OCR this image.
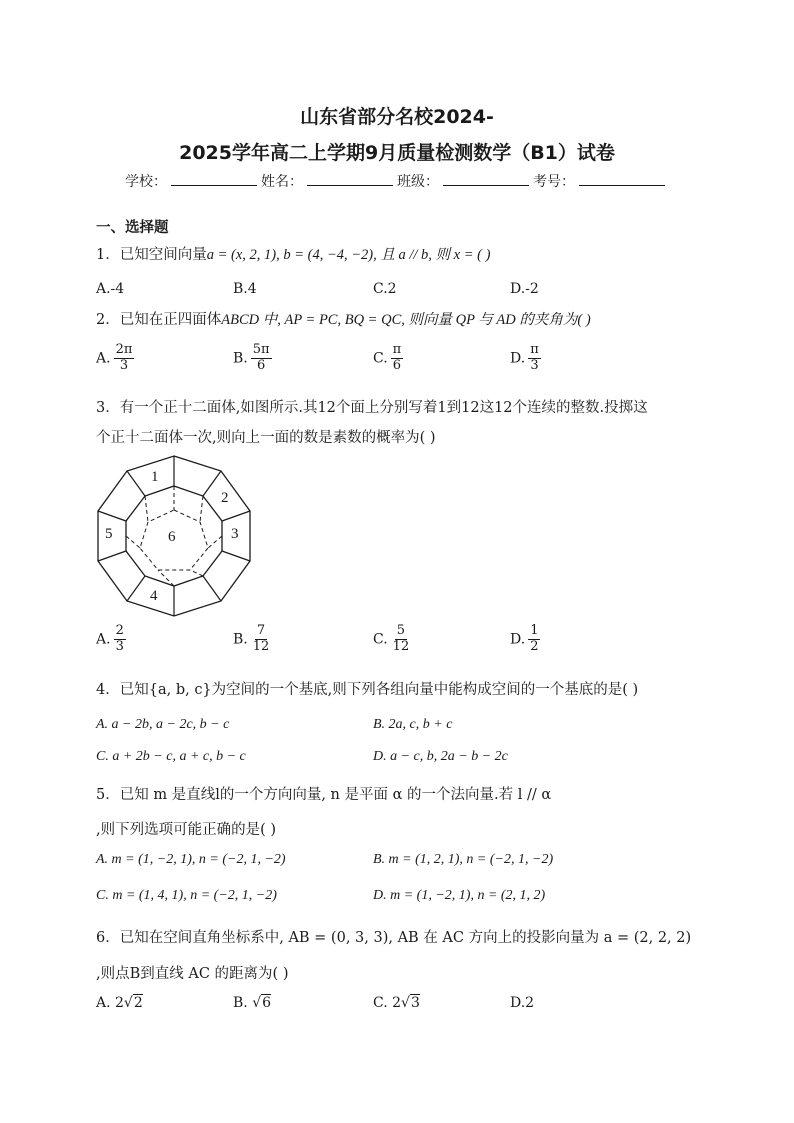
山东省部分名校2024-
2025学年高二上学期9月质量检测数学（B1）试卷
学校：	姓名：	班级：	考号：
一、选择题
1．已知空间向量a = (x, 2, 1), b = (4, −4, −2), 且 a // b, 则 x = ( )
A.-4	B.4	C.2	D.-2
2．已知在正四面体ABCD 中, AP = PC, BQ = QC, 则向量 QP 与 AD 的夹角为( )
A. $\frac{2\pi}{3}$	B. $\frac{5\pi}{6}$	C. $\frac{\pi}{6}$	D. $\frac{\pi}{3}$
3．有一个正十二面体,如图所示.其12个面上分别写着1到12这12个连续的整数.投掷这
个正十二面体一次,则向上一面的数是素数的概率为( )
1
2
3
4
5	6
A. $\frac{2}{3}$	B. $\frac{7}{12}$	C. $\frac{5}{12}$	D. $\frac{1}{2}$
4．已知{a, b, c}为空间的一个基底,则下列各组向量中能构成空间的一个基底的是( )
A. a − 2b, a − 2c, b − c	B. 2a, c, b + c
C. a + 2b − c, a + c, b − c	D. a − c, b, 2a − b − 2c
5．已知 m 是直线l的一个方向向量, n 是平面 α 的一个法向量.若 l // α
,则下列选项可能正确的是( )
A. m = (1, −2, 1), n = (−2, 1, −2)	B. m = (1, 2, 1), n = (−2, 1, −2)
C. m = (1, 4, 1), n = (−2, 1, −2)	D. m = (1, −2, 1), n = (2, 1, 2)
6．已知在空间直角坐标系中, AB = (0, 3, 3), AB 在 AC 方向上的投影向量为 a = (2, 2, 2)
,则点B到直线 AC 的距离为( )
A. 2√2	B. √6	C. 2√3	D.2
